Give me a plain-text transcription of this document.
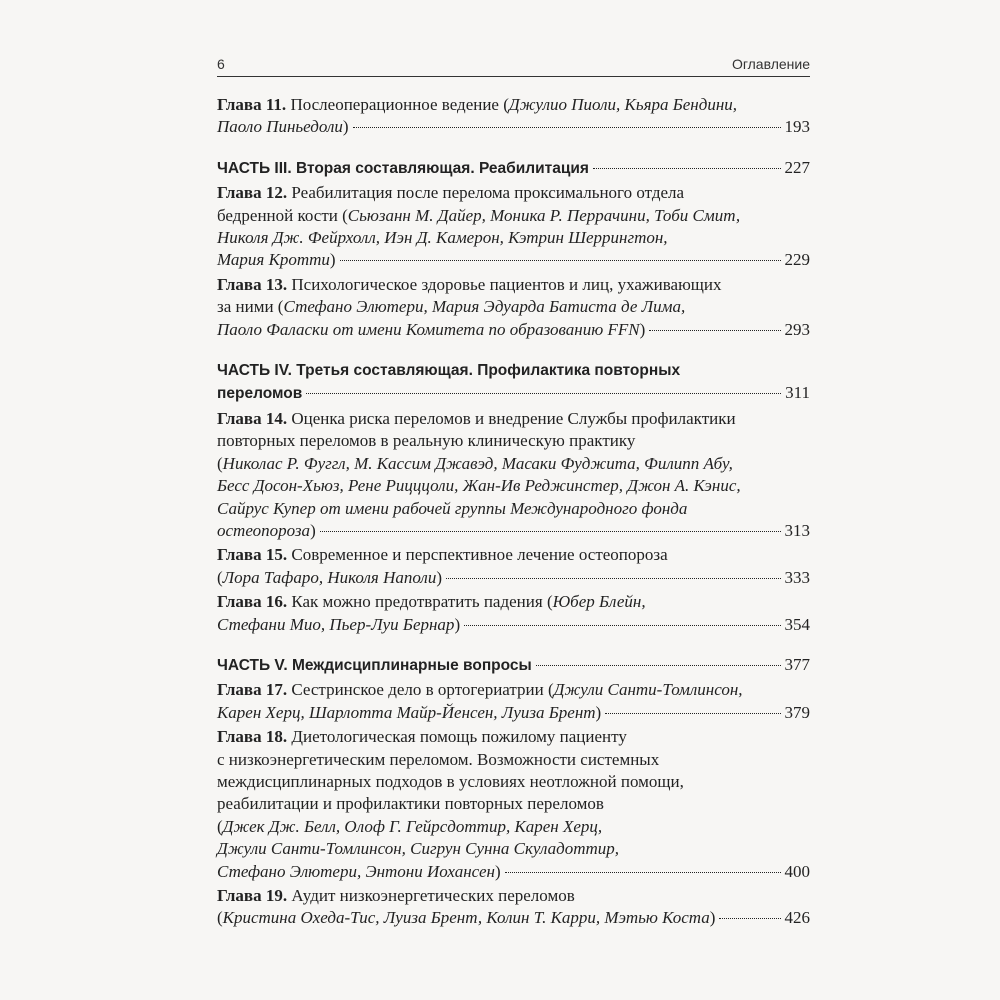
6	Оглавление
Глава 11. Послеоперационное ведение (Джулио Пиоли, Кьяра Бендини,
Паоло Пиньедоли)	193
ЧАСТЬ III. Вторая составляющая. Реабилитация	227
Глава 12. Реабилитация после перелома проксимального отдела
бедренной кости (Сьюзанн М. Дайер, Моника Р. Перрачини, Тоби Смит,
Николя Дж. Фейрхолл, Иэн Д. Камерон, Кэтрин Шеррингтон,
Мария Кротти)	229
Глава 13. Психологическое здоровье пациентов и лиц, ухаживающих
за ними (Стефано Элютери, Мария Эдуарда Батиста де Лима,
Паоло Фаласки от имени Комитета по образованию FFN)	293
ЧАСТЬ IV. Третья составляющая. Профилактика повторных
переломов	311
Глава 14. Оценка риска переломов и внедрение Службы профилактики
повторных переломов в реальную клиническую практику
(Николас Р. Фуггл, М. Кассим Джавэд, Масаки Фуджита, Филипп Абу,
Бесс Досон-Хьюз, Рене Рицццоли, Жан-Ив Реджинстер, Джон А. Кэнис,
Сайрус Купер от имени рабочей группы Международного фонда
остеопороза)	313
Глава 15. Современное и перспективное лечение остеопороза
(Лора Тафаро, Николя Наполи)	333
Глава 16. Как можно предотвратить падения (Юбер Блейн,
Стефани Мио, Пьер-Луи Бернар)	354
ЧАСТЬ V. Междисциплинарные вопросы	377
Глава 17. Сестринское дело в ортогериатрии (Джули Санти-Томлинсон,
Карен Херц, Шарлотта Майр-Йенсен, Луиза Брент)	379
Глава 18. Диетологическая помощь пожилому пациенту
с низкоэнергетическим переломом. Возможности системных
междисциплинарных подходов в условиях неотложной помощи,
реабилитации и профилактики повторных переломов
(Джек Дж. Белл, Олоф Г. Гейрсдоттир, Карен Херц,
Джули Санти-Томлинсон, Сигрун Сунна Скуладоттир,
Стефано Элютери, Энтони Иохансен)	400
Глава 19. Аудит низкоэнергетических переломов
(Кристина Охеда-Тис, Луиза Брент, Колин Т. Карри, Мэтью Коста)	426
